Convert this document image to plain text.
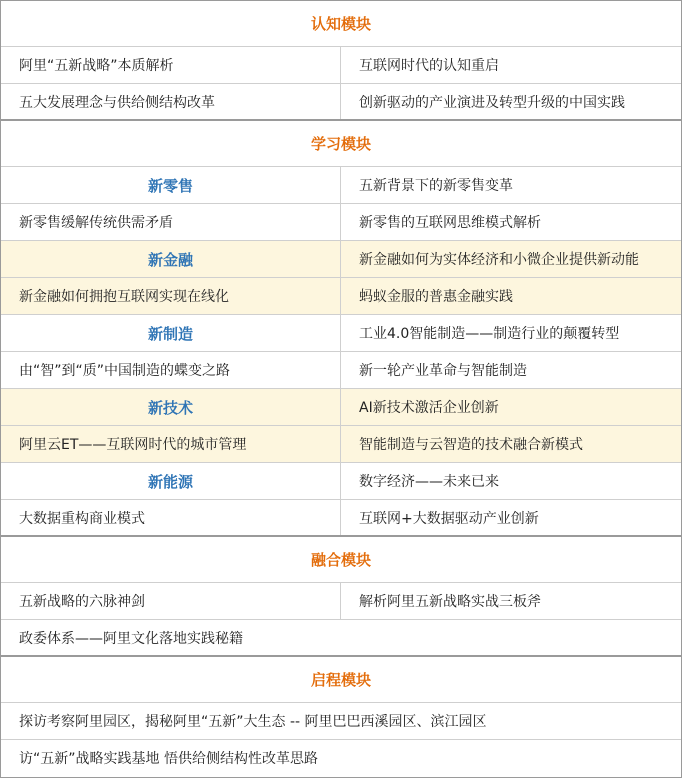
认知模块
阿里“五新战略”本质解析	互联网时代的认知重启
五大发展理念与供给侧结构改革	创新驱动的产业演进及转型升级的中国实践
学习模块
新零售	五新背景下的新零售变革
新零售缓解传统供需矛盾	新零售的互联网思维模式解析
新金融	新金融如何为实体经济和小微企业提供新动能
新金融如何拥抱互联网实现在线化	蚂蚁金服的普惠金融实践
新制造	工业4.0智能制造——制造行业的颠覆转型
由“智”到“质”中国制造的蝶变之路	新一轮产业革命与智能制造
新技术	AI新技术激活企业创新
阿里云ET——互联网时代的城市管理	智能制造与云智造的技术融合新模式
新能源	数字经济——未来已来
大数据重构商业模式	互联网+大数据驱动产业创新
融合模块
五新战略的六脉神剑	解析阿里五新战略实战三板斧
政委体系——阿里文化落地实践秘籍
启程模块
探访考察阿里园区，揭秘阿里“五新”大生态 -- 阿里巴巴西溪园区、滨江园区
访“五新”战略实践基地 悟供给侧结构性改革思路
